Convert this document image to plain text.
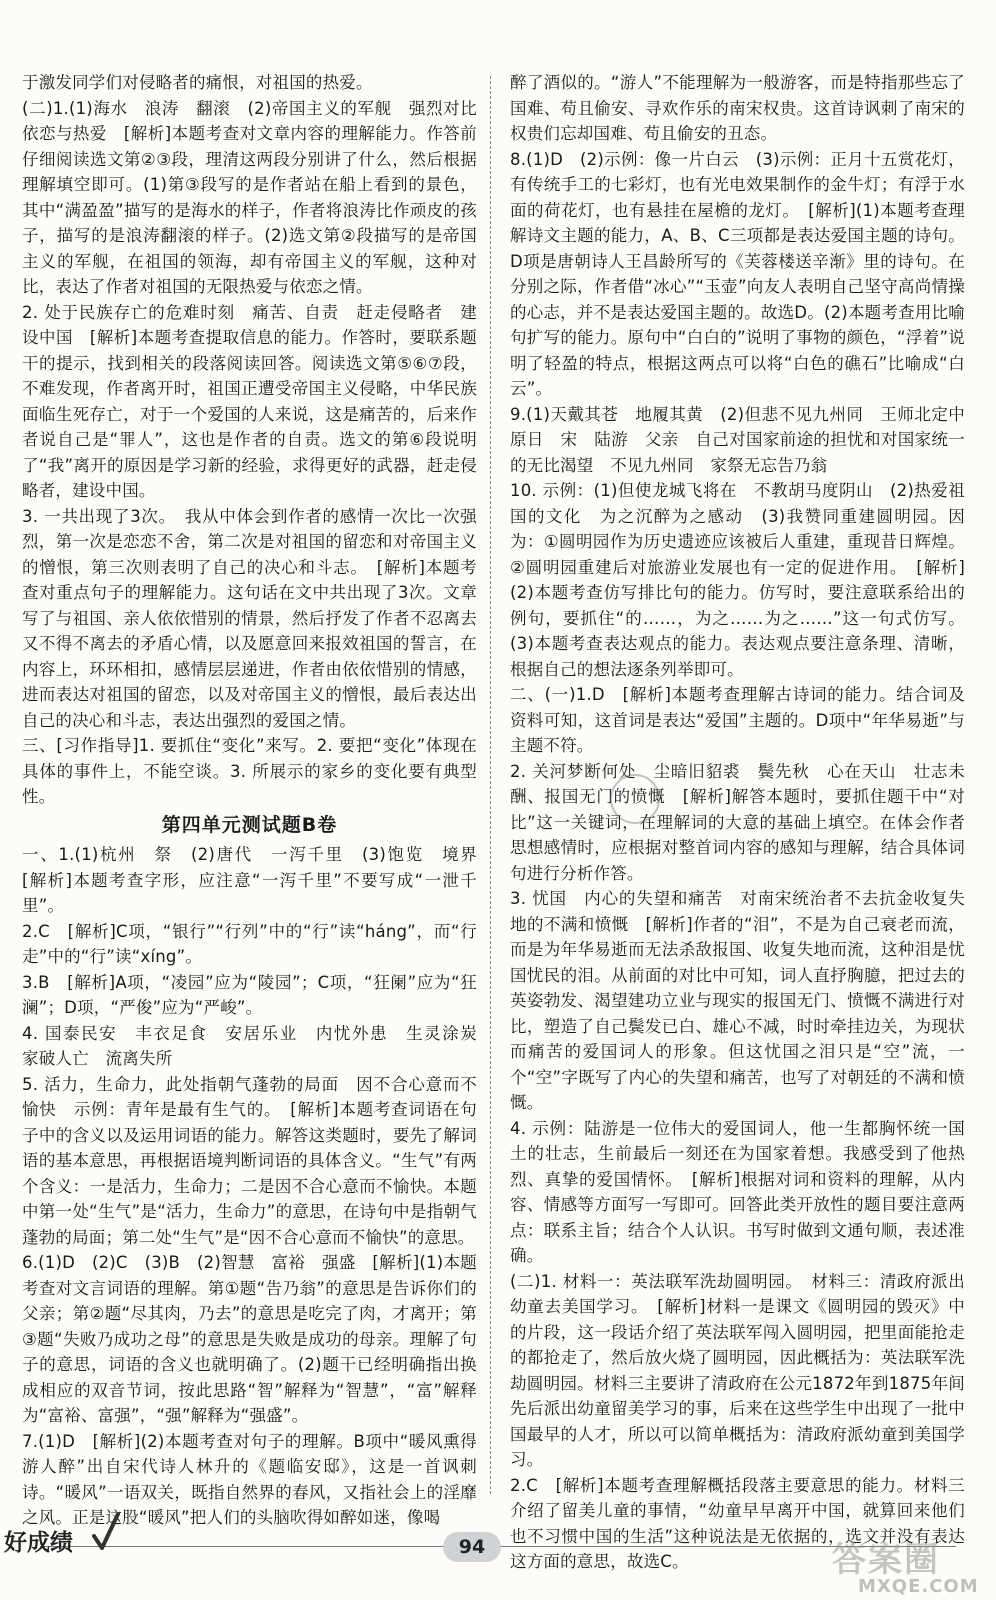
于激发同学们对侵略者的痛恨，对祖国的热爱。

(二)1.(1)海水　浪涛　翻滚　(2)帝国主义的军舰　强烈对比　依恋与热爱　[解析]本题考查对文章内容的理解能力。作答前仔细阅读选文第②③段，理清这两段分别讲了什么，然后根据理解填空即可。(1)第③段写的是作者站在船上看到的景色，其中“满盈盈”描写的是海水的样子，作者将浪涛比作顽皮的孩子，描写的是浪涛翻滚的样子。(2)选文第②段描写的是帝国主义的军舰，在祖国的领海，却有帝国主义的军舰，这种对比，表达了作者对祖国的无限热爱与依恋之情。

2. 处于民族存亡的危难时刻　痛苦、自责　赶走侵略者　建设中国　[解析]本题考查提取信息的能力。作答时，要联系题干的提示，找到相关的段落阅读回答。阅读选文第⑤⑥⑦段，不难发现，作者离开时，祖国正遭受帝国主义侵略，中华民族面临生死存亡，对于一个爱国的人来说，这是痛苦的，后来作者说自己是“罪人”，这也是作者的自责。选文的第⑥段说明了“我”离开的原因是学习新的经验，求得更好的武器，赶走侵略者，建设中国。

3. 一共出现了3次。　我从中体会到作者的感情一次比一次强烈，第一次是恋恋不舍，第二次是对祖国的留恋和对帝国主义的憎恨，第三次则表明了自己的决心和斗志。　[解析]本题考查对重点句子的理解能力。这句话在文中共出现了3次。文章写了与祖国、亲人依依惜别的情景，然后抒发了作者不忍离去又不得不离去的矛盾心情，以及愿意回来报效祖国的誓言，在内容上，环环相扣，感情层层递进，作者由依依惜别的情感，进而表达对祖国的留恋，以及对帝国主义的憎恨，最后表达出自己的决心和斗志，表达出强烈的爱国之情。

三、[习作指导]1. 要抓住“变化”来写。2. 要把“变化”体现在具体的事件上，不能空谈。3. 所展示的家乡的变化要有典型性。

第四单元测试题B卷

一、1.(1)杭州　祭　(2)唐代　一泻千里　(3)饱览　境界　[解析]本题考查字形，应注意“一泻千里”不要写成“一泄千里”。

2.C　[解析]C项，“银行”“行列”中的“行”读“háng”，而“行走”中的“行”读“xíng”。

3.B　[解析]A项，“凌园”应为“陵园”；C项，“狂阑”应为“狂澜”；D项，“严俊”应为“严峻”。

4. 国泰民安　丰衣足食　安居乐业　内忧外患　生灵涂炭　家破人亡　流离失所

5. 活力，生命力，此处指朝气蓬勃的局面　因不合心意而不愉快　示例：青年是最有生气的。　[解析]本题考查词语在句子中的含义以及运用词语的能力。解答这类题时，要先了解词语的基本意思，再根据语境判断词语的具体含义。“生气”有两个含义：一是活力，生命力；二是因不合心意而不愉快。本题中第一处“生气”是“活力，生命力”的意思，在诗句中是指朝气蓬勃的局面；第二处“生气”是“因不合心意而不愉快”的意思。

6.(1)D　(2)C　(3)B　(2)智慧　富裕　强盛　[解析](1)本题考查对文言词语的理解。第①题“告乃翁”的意思是告诉你们的父亲；第②题“尽其肉，乃去”的意思是吃完了肉，才离开；第③题“失败乃成功之母”的意思是失败是成功的母亲。理解了句子的意思，词语的含义也就明确了。(2)题干已经明确指出换成相应的双音节词，按此思路“智”解释为“智慧”，“富”解释为“富裕、富强”，“强”解释为“强盛”。

7.(1)D　[解析](2)本题考查对句子的理解。B项中“暖风熏得游人醉”出自宋代诗人林升的《题临安邸》，这是一首讽刺诗。“暖风”一语双关，既指自然界的春风，又指社会上的淫靡之风。正是这股“暖风”把人们的头脑吹得如醉如迷，像喝

醉了酒似的。“游人”不能理解为一般游客，而是特指那些忘了国难、苟且偷安、寻欢作乐的南宋权贵。这首诗讽刺了南宋的权贵们忘却国难、苟且偷安的丑态。

8.(1)D　(2)示例：像一片白云　(3)示例：正月十五赏花灯，有传统手工的七彩灯，也有光电效果制作的金牛灯；有浮于水面的荷花灯，也有悬挂在屋檐的龙灯。　[解析](1)本题考查理解诗文主题的能力，A、B、C三项都是表达爱国主题的诗句。D项是唐朝诗人王昌龄所写的《芙蓉楼送辛渐》里的诗句。在分别之际，作者借“冰心”“玉壶”向友人表明自己坚守高尚情操的心志，并不是表达爱国主题的。故选D。(2)本题考查用比喻句扩写的能力。原句中“白白的”说明了事物的颜色，“浮着”说明了轻盈的特点，根据这两点可以将“白色的礁石”比喻成“白云”。

9.(1)天戴其苍　地履其黄　(2)但悲不见九州同　王师北定中原日　宋　陆游　父亲　自己对国家前途的担忧和对国家统一的无比渴望　不见九州同　家祭无忘告乃翁

10. 示例：(1)但使龙城飞将在　不教胡马度阴山　(2)热爱祖国的文化　为之沉醉为之感动　(3)我赞同重建圆明园。因为：①圆明园作为历史遗迹应该被后人重建，重现昔日辉煌。②圆明园重建后对旅游业发展也有一定的促进作用。　[解析](2)本题考查仿写排比句的能力。仿写时，要注意联系给出的例句，要抓住“的……，为之……为之……”这一句式仿写。(3)本题考查表达观点的能力。表达观点要注意条理、清晰，根据自己的想法逐条列举即可。

二、(一)1.D　[解析]本题考查理解古诗词的能力。结合词及资料可知，这首词是表达“爱国”主题的。D项中“年华易逝”与主题不符。

2. 关河梦断何处　尘暗旧貂裘　鬓先秋　心在天山　壮志未酬、报国无门的愤慨　[解析]解答本题时，要抓住题干中“对比”这一关键词，在理解词的大意的基础上填空。在体会作者思想感情时，应根据对整首词内容的感知与理解，结合具体词句进行分析作答。

3. 忧国　内心的失望和痛苦　对南宋统治者不去抗金收复失地的不满和愤慨　[解析]作者的“泪”，不是为自己衰老而流，而是为年华易逝而无法杀敌报国、收复失地而流，这种泪是忧国忧民的泪。从前面的对比中可知，词人直抒胸臆，把过去的英姿勃发、渴望建功立业与现实的报国无门、愤慨不满进行对比，塑造了自己鬓发已白、雄心不减，时时牵挂边关，为现状而痛苦的爱国词人的形象。但这忧国之泪只是“空”流，一个“空”字既写了内心的失望和痛苦，也写了对朝廷的不满和愤慨。

4. 示例：陆游是一位伟大的爱国词人，他一生都胸怀统一国土的壮志，生前最后一刻还在为国家着想。我感受到了他热烈、真挚的爱国情怀。　[解析]根据对词和资料的理解，从内容、情感等方面写一写即可。回答此类开放性的题目要注意两点：联系主旨；结合个人认识。书写时做到文通句顺，表述准确。

(二)1. 材料一：英法联军洗劫圆明园。　材料三：清政府派出幼童去美国学习。　[解析]材料一是课文《圆明园的毁灭》中的片段，这一段话介绍了英法联军闯入圆明园，把里面能抢走的都抢走了，然后放火烧了圆明园，因此概括为：英法联军洗劫圆明园。材料三主要讲了清政府在公元1872年到1875年间先后派出幼童留美学习的事，后来在这些学生中出现了一批中国最早的人才，所以可以简单概括为：清政府派幼童到美国学习。

2.C　[解析]本题考查理解概括段落主要意思的能力。材料三介绍了留美儿童的事情，“幼童早早离开中国，就算回来他们也不习惯中国的生活”这种说法是无依据的，选文并没有表达这方面的意思，故选C。

好成绩	94	答案圈
MXQE.COM
